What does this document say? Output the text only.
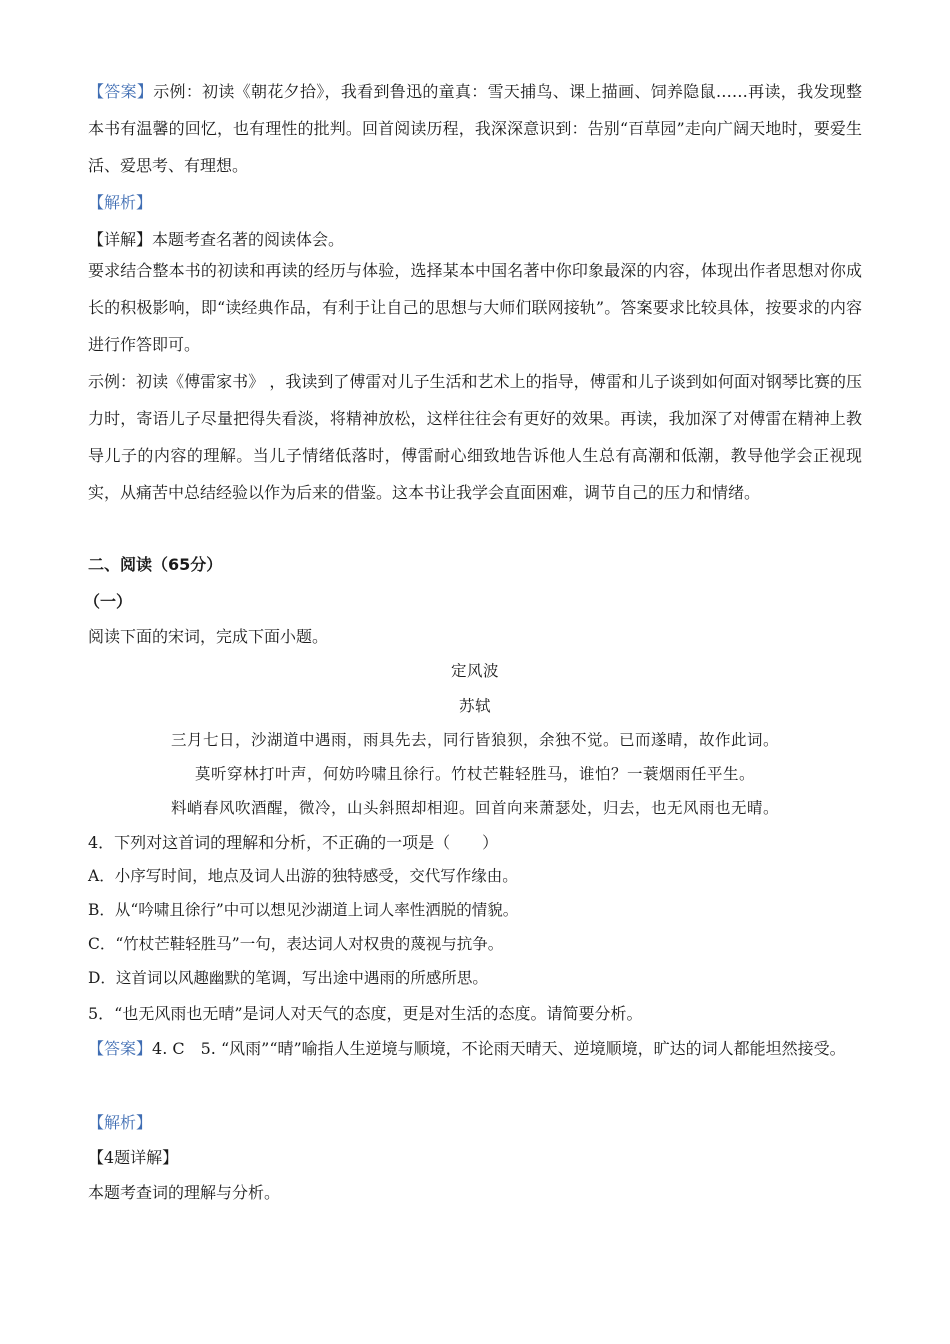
【答案】示例：初读《朝花夕拾》，我看到鲁迅的童真：雪天捕鸟、课上描画、饲养隐鼠……再读，我发现整本书有温馨的回忆，也有理性的批判。回首阅读历程，我深深意识到：告别“百草园”走向广阔天地时，要爱生活、爱思考、有理想。
【解析】
【详解】本题考查名著的阅读体会。
要求结合整本书的初读和再读的经历与体验，选择某本中国名著中你印象最深的内容，体现出作者思想对你成长的积极影响，即“读经典作品，有利于让自己的思想与大师们联网接轨”。答案要求比较具体，按要求的内容进行作答即可。
示例：初读《傅雷家书》 ，我读到了傅雷对儿子生活和艺术上的指导，傅雷和儿子谈到如何面对钢琴比赛的压力时，寄语儿子尽量把得失看淡，将精神放松，这样往往会有更好的效果。再读，我加深了对傅雷在精神上教导儿子的内容的理解。当儿子情绪低落时，傅雷耐心细致地告诉他人生总有高潮和低潮，教导他学会正视现实，从痛苦中总结经验以作为后来的借鉴。这本书让我学会直面困难，调节自己的压力和情绪。
二、阅读（65分）
（一）
阅读下面的宋词，完成下面小题。
定风波
苏轼
三月七日，沙湖道中遇雨，雨具先去，同行皆狼狈，余独不觉。已而遂晴，故作此词。
莫听穿林打叶声，何妨吟啸且徐行。竹杖芒鞋轻胜马，谁怕？一蓑烟雨任平生。
料峭春风吹酒醒，微冷，山头斜照却相迎。回首向来萧瑟处，归去，也无风雨也无晴。
4．下列对这首词的理解和分析，不正确的一项是（　　）
A．小序写时间，地点及词人出游的独特感受，交代写作缘由。
B．从“吟啸且徐行”中可以想见沙湖道上词人率性洒脱的情貌。
C．“竹杖芒鞋轻胜马”一句，表达词人对权贵的蔑视与抗争。
D．这首词以风趣幽默的笔调，写出途中遇雨的所感所思。
5．“也无风雨也无晴”是词人对天气的态度，更是对生活的态度。请简要分析。
【答案】4. C　5. “风雨”“晴”喻指人生逆境与顺境，不论雨天晴天、逆境顺境，旷达的词人都能坦然接受。
【解析】
【4题详解】
本题考查词的理解与分析。
